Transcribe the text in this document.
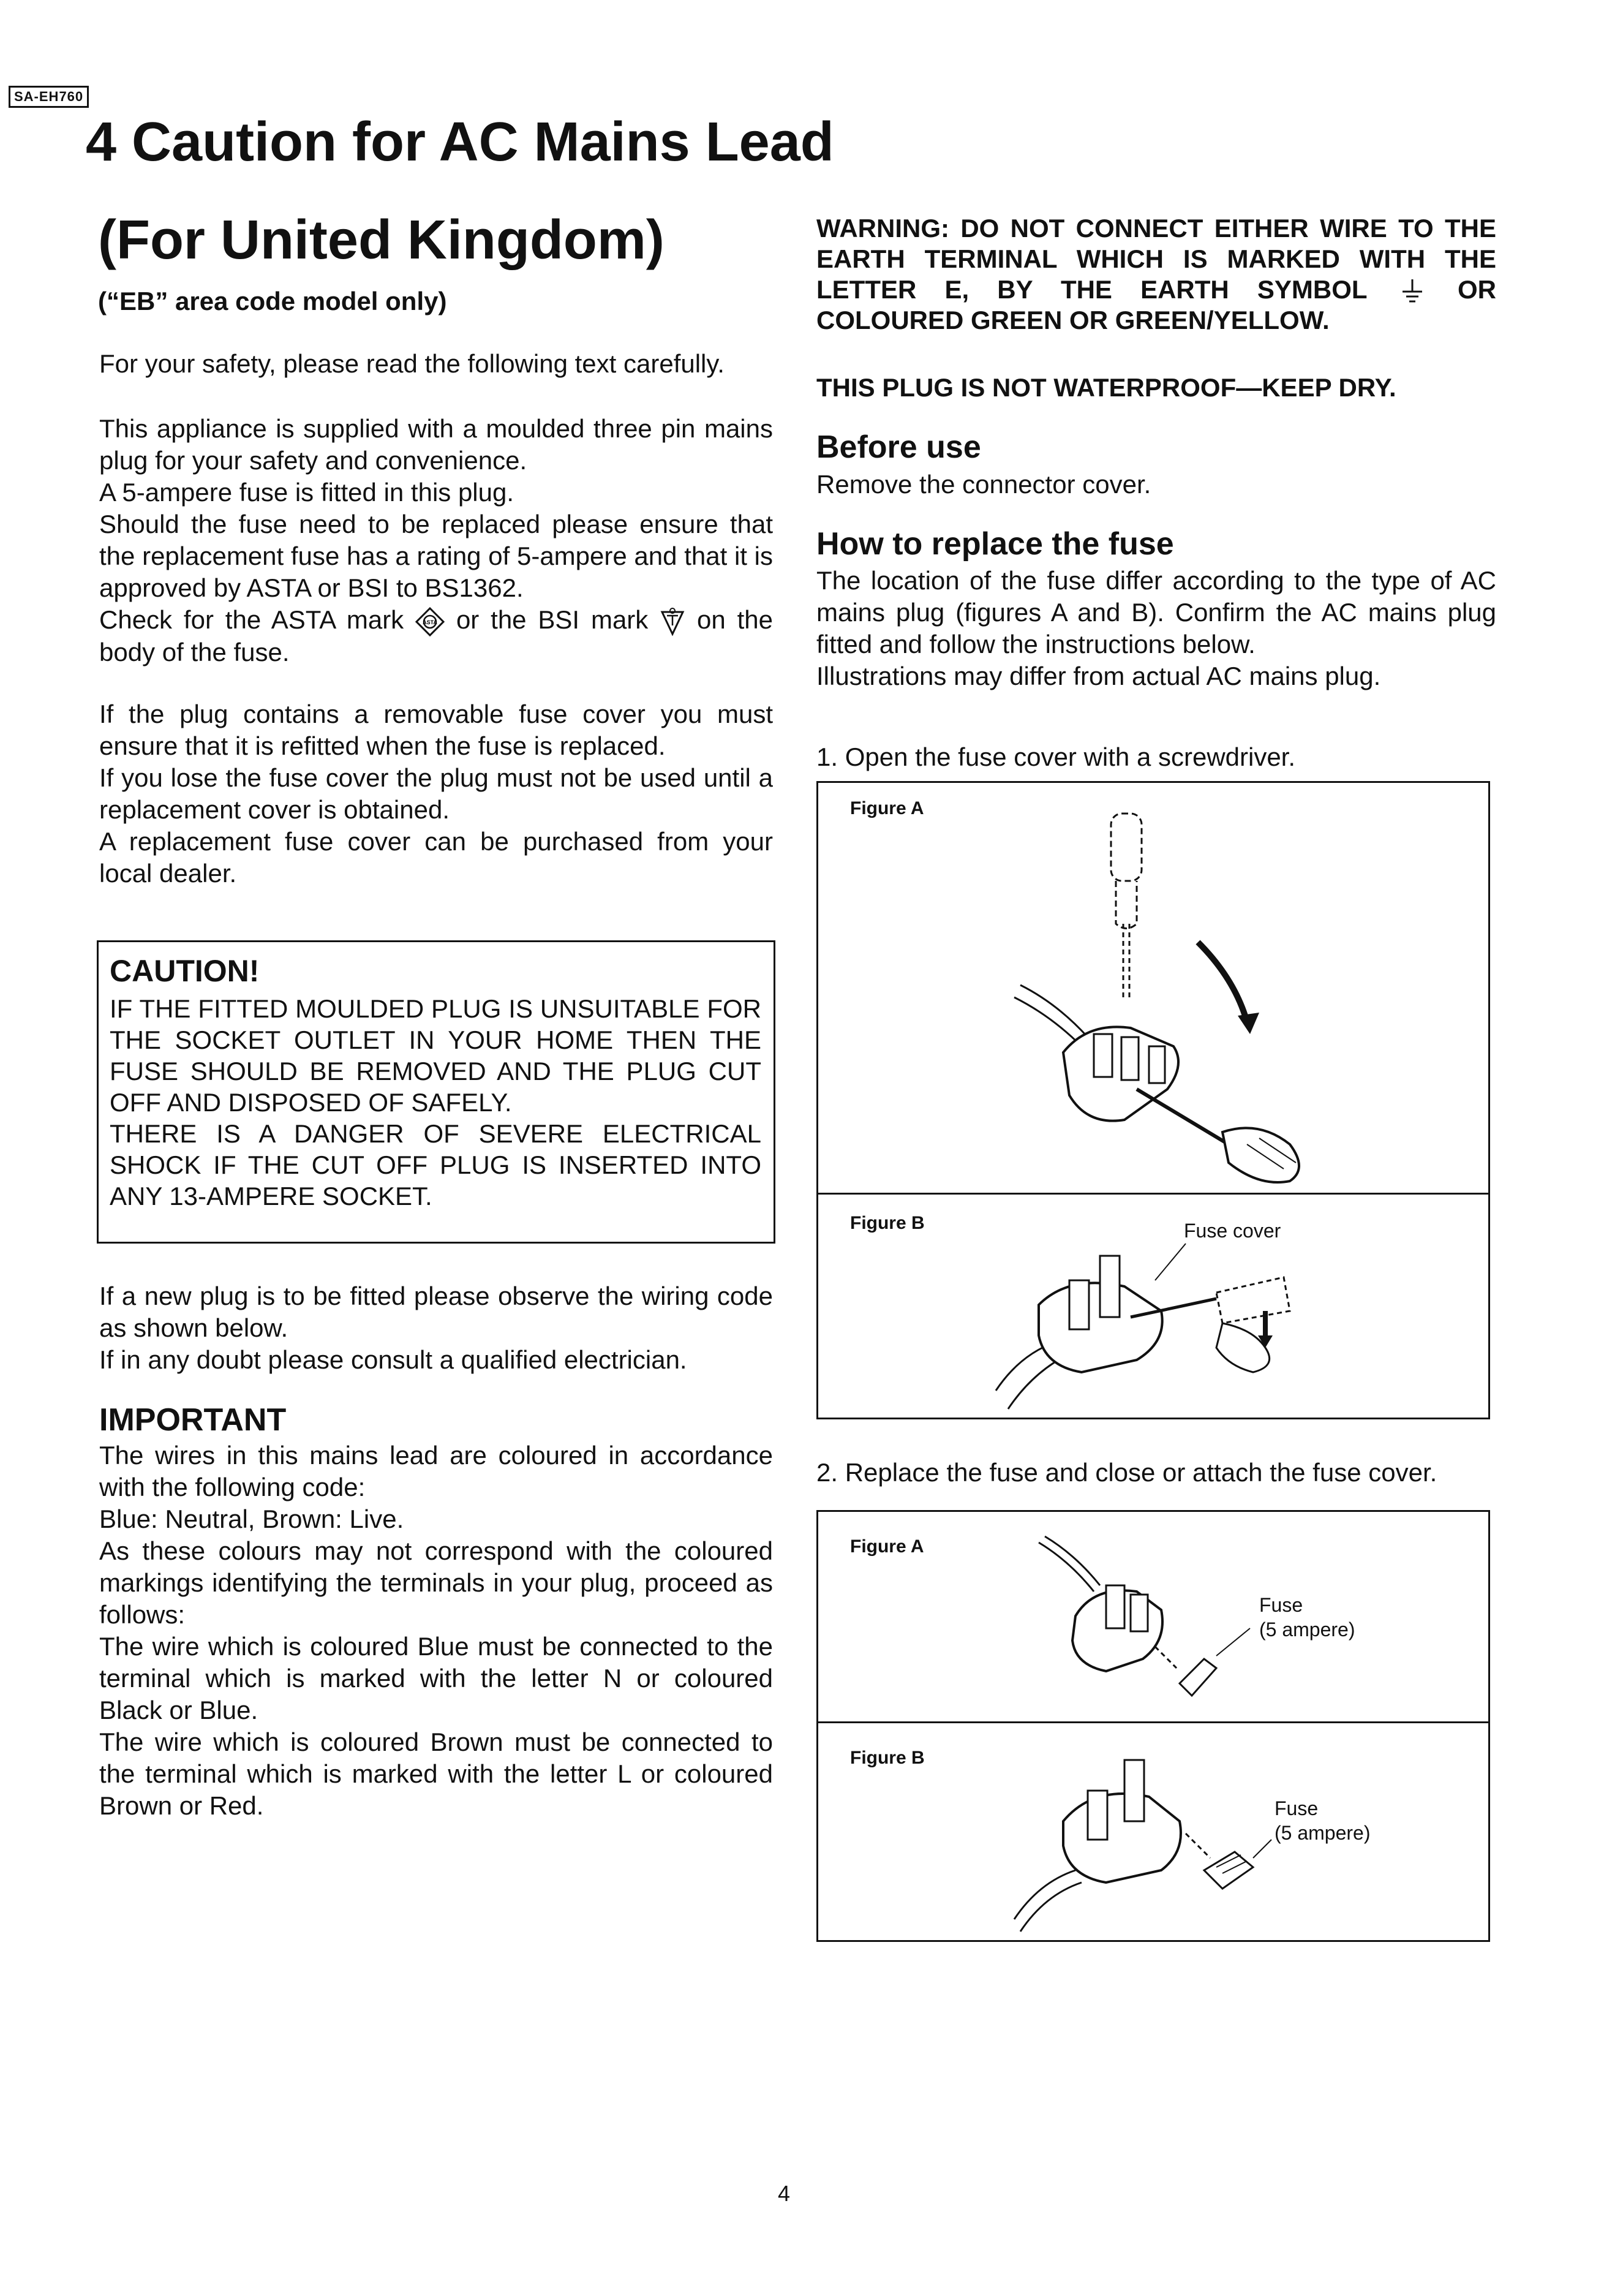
SA-EH760
4 Caution for AC Mains Lead
(For United Kingdom)
(“EB” area code model only)
For your safety, please read the following text carefully.

This appliance is supplied with a moulded three pin mains plug for your safety and convenience.

A 5-ampere fuse is fitted in this plug.

Should the fuse need to be replaced please ensure that the replacement fuse has a rating of 5-ampere and that it is approved by ASTA or BSI to BS1362.

Check for the ASTA mark	ASTA or the BSI mark on the body of the fuse.

If the plug contains a removable fuse cover you must ensure that it is refitted when the fuse is replaced.

If you lose the fuse cover the plug must not be used until a replacement cover is obtained.

A replacement fuse cover can be purchased from your local dealer.

CAUTION!

IF THE FITTED MOULDED PLUG IS UNSUITABLE FOR THE SOCKET OUTLET IN YOUR HOME THEN THE FUSE SHOULD BE REMOVED AND THE PLUG CUT OFF AND DISPOSED OF SAFELY.

THERE IS A DANGER OF SEVERE ELECTRICAL SHOCK IF THE CUT OFF PLUG IS INSERTED INTO ANY 13-AMPERE SOCKET.

If a new plug is to be fitted please observe the wiring code as shown below.

If in any doubt please consult a qualified electrician.

IMPORTANT

The wires in this mains lead are coloured in accordance with the following code:

Blue: Neutral, Brown: Live.

As these colours may not correspond with the coloured markings identifying the terminals in your plug, proceed as follows:

The wire which is coloured Blue must be connected to the terminal which is marked with the letter N or coloured Black or Blue.

The wire which is coloured Brown must be connected to the terminal which is marked with the letter L or coloured Brown or Red.

WARNING: DO NOT CONNECT EITHER WIRE TO THE EARTH TERMINAL WHICH IS MARKED WITH THE LETTER E, BY THE EARTH SYMBOL	OR COLOURED GREEN OR GREEN/YELLOW.
THIS PLUG IS NOT WATERPROOF—KEEP DRY.
Before use
Remove the connector cover.
How to replace the fuse

The location of the fuse differ according to the type of AC mains plug (figures A and B). Confirm the AC mains plug fitted and follow the instructions below.

Illustrations may differ from actual AC mains plug.

1. Open the fuse cover with a screwdriver.
Figure A
Figure B	Fuse cover
2. Replace the fuse and close or attach the fuse cover.
Figure A
Fuse
(5 ampere)
Figure B
Fuse
(5 ampere)
4
